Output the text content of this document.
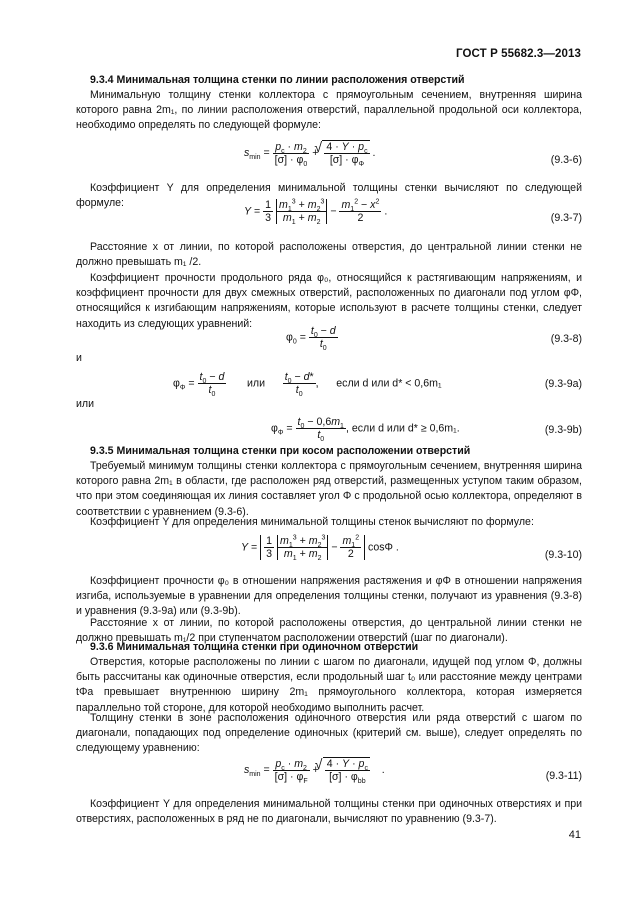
ГОСТ Р 55682.3—2013
9.3.4 Минимальная толщина стенки по линии расположения отверстий
Минимальную толщину стенки коллектора с прямоугольным сечением, внутренняя ширина которого равна 2m₁, по линии расположения отверстий, параллельной продольной оси коллектора, необходимо определять по следующей формуле:
$s_{min} = \frac{p_c \cdot m_2}{[\sigma] \cdot \varphi_0}$ + √ $\frac{4 \cdot Y \cdot p_c}{[\sigma] \cdot \varphi_\Phi}$ .
(9.3-6)
Коэффициент Y для определения минимальной толщины стенки вычисляют по следующей формуле:
$Y = \frac{1}{3}$
$\frac{m_1^3 + m_2^3}{m_1 + m_2} - \frac{m_1^2 - x^2}{2}$ .
(9.3-7)
Расстояние x от линии, по которой расположены отверстия, до центральной линии стенки не должно превышать m₁ /2.
Коэффициент прочности продольного ряда φ₀, относящийся к растягивающим напряжениям, и коэффициент прочности для двух смежных отверстий, расположенных по диагонали под углом φΦ, относящийся к изгибающим напряжениям, которые используют в расчете толщины стенки, следует находить из следующих уравнений:
$\varphi_0 = \frac{t_0 - d}{t_0}$	(9.3-8)
и
$\varphi_\Phi = \frac{t_0 - d}{t_0}$ или $\frac{t_0 - d*}{t_0}$ ,      если d или d* < 0,6m₁	(9.3-9а)
или
$\varphi_\Phi = \frac{t_0 - 0,6m_1}{t_0}$ , если d или d* ≥ 0,6m₁.	(9.3-9b)
9.3.5 Минимальная толщина стенки при косом расположении отверстий
Требуемый минимум толщины стенки коллектора с прямоугольным сечением, внутренняя ширина которого равна 2m₁ в области, где расположен ряд отверстий, размещенных уступом таким образом, что при этом соединяющая их линия составляет угол Φ с продольной осью коллектора, определяют в соответствии с уравнением (9.3-6).
Коэффициент Y для определения минимальной толщины стенок вычисляют по формуле:
$Y = \frac{1}{3}$
$\frac{m_1^3 + m_2^3}{m_1 + m_2} - \frac{m_1^2}{2}$ cosΦ .
(9.3-10)
Коэффициент прочности φ₀ в отношении напряжения растяжения и φΦ в отношении напряжения изгиба, используемые в уравнении для определения толщины стенки, получают из уравнения (9.3-8) и уравнения (9.3-9а) или (9.3-9b).
Расстояние x от линии, по которой расположены отверстия, до центральной линии стенки не должно превышать m₁/2 при ступенчатом расположении отверстий (шаг по диагонали).
9.3.6 Минимальная толщина стенки при одиночном отверстии
Отверстия, которые расположены по линии с шагом по диагонали, идущей под углом Φ, должны быть рассчитаны как одиночные отверстия, если продольный шаг t₀ или расстояние между центрами tΦа превышает внутреннюю ширину 2m₁ прямоугольного коллектора, которая измеряется параллельно той стороне, для которой необходимо выполнить расчет.
Толщину стенки в зоне расположения одиночного отверстия или ряда отверстий с шагом по диагонали, попадающих под определение одиночных (критерий см. выше), следует определять по следующему уравнению:
$s_{min} = \frac{p_c \cdot m_2}{[\sigma] \cdot \varphi_F}$ + √ $4 \cdot Y \cdot p_c$
$[\sigma] \cdot \varphi_{bb}$
.
(9.3-11)
Коэффициент Y для определения минимальной толщины стенки при одиночных отверстиях и при отверстиях, расположенных в ряд не по диагонали, вычисляют по уравнению (9.3-7).
41
